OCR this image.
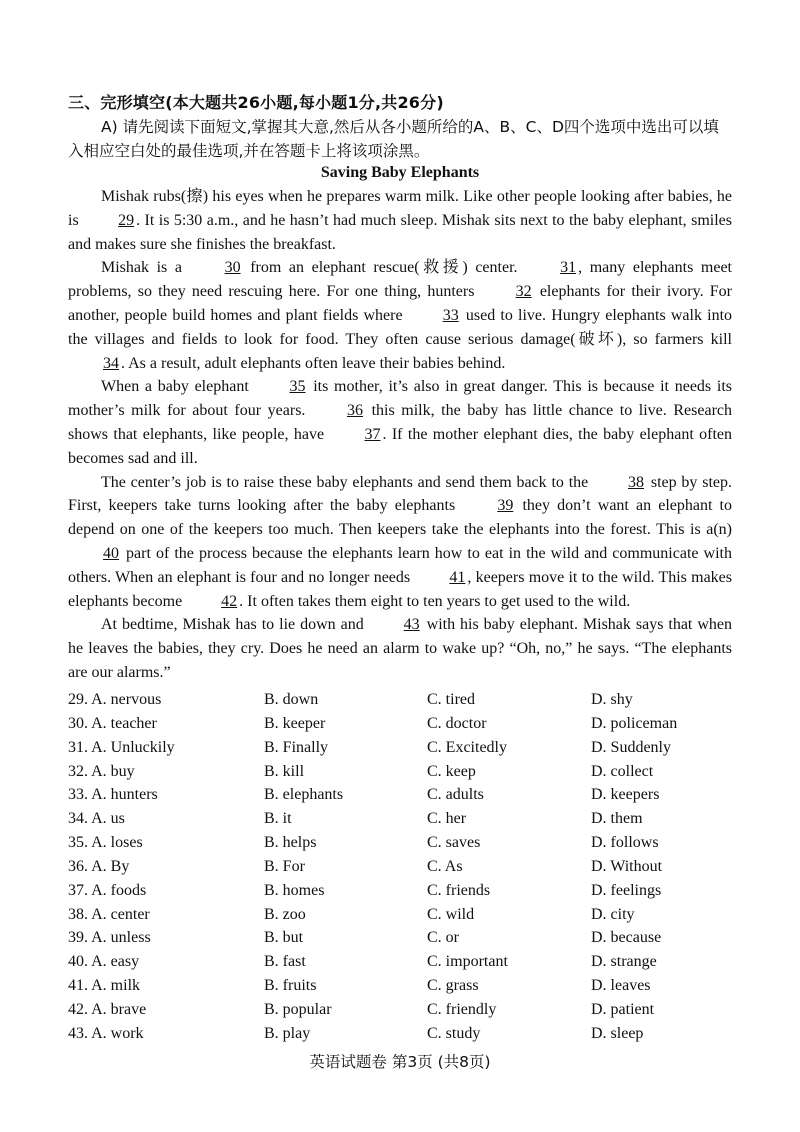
三、完形填空(本大题共26小题,每小题1分,共26分)
A) 请先阅读下面短文,掌握其大意,然后从各小题所给的A、B、C、D四个选项中选出可以填入相应空白处的最佳选项,并在答题卡上将该项涂黑。
Saving Baby Elephants

Mishak rubs(擦) his eyes when he prepares warm milk. Like other people looking after babies, he is 29 . It is 5:30 a.m., and he hasn’t had much sleep. Mishak sits next to the baby elephant, smiles and makes sure she finishes the breakfast.

Mishak is a 30 from an elephant rescue(救援) center. 31 , many elephants meet problems, so they need rescuing here. For one thing, hunters 32 elephants for their ivory. For another, people build homes and plant fields where 33 used to live. Hungry elephants walk into the villages and fields to look for food. They often cause serious damage(破坏), so farmers kill 34 . As a result, adult elephants often leave their babies behind.

When a baby elephant 35 its mother, it’s also in great danger. This is because it needs its mother’s milk for about four years. 36 this milk, the baby has little chance to live. Research shows that elephants, like people, have 37 . If the mother elephant dies, the baby elephant often becomes sad and ill.

The center’s job is to raise these baby elephants and send them back to the 38 step by step. First, keepers take turns looking after the baby elephants 39 they don’t want an elephant to depend on one of the keepers too much. Then keepers take the elephants into the forest. This is a(n) 40 part of the process because the elephants learn how to eat in the wild and communicate with others. When an elephant is four and no longer needs 41 , keepers move it to the wild. This makes elephants become 42 . It often takes them eight to ten years to get used to the wild.

At bedtime, Mishak has to lie down and 43 with his baby elephant. Mishak says that when he leaves the babies, they cry. Does he need an alarm to wake up? “Oh, no,” he says. “The elephants are our alarms.”

29. A. nervous	B. down	C. tired	D. shy
30. A. teacher	B. keeper	C. doctor	D. policeman
31. A. Unluckily	B. Finally	C. Excitedly	D. Suddenly
32. A. buy	B. kill	C. keep	D. collect
33. A. hunters	B. elephants	C. adults	D. keepers
34. A. us	B. it	C. her	D. them
35. A. loses	B. helps	C. saves	D. follows
36. A. By	B. For	C. As	D. Without
37. A. foods	B. homes	C. friends	D. feelings
38. A. center	B. zoo	C. wild	D. city
39. A. unless	B. but	C. or	D. because
40. A. easy	B. fast	C. important	D. strange
41. A. milk	B. fruits	C. grass	D. leaves
42. A. brave	B. popular	C. friendly	D. patient
43. A. work	B. play	C. study	D. sleep
英语试题卷 第3页 (共8页)
